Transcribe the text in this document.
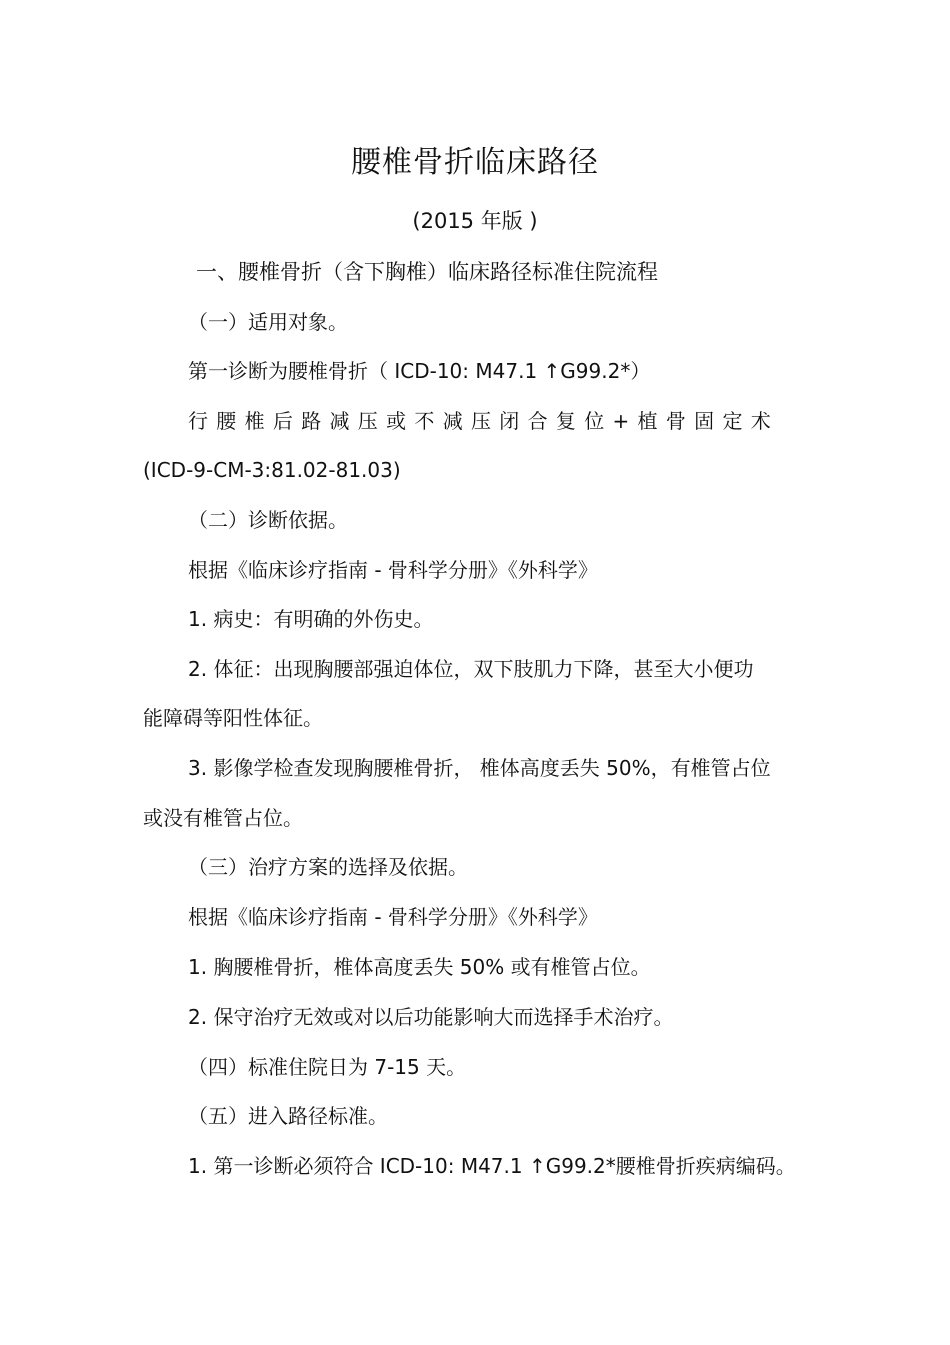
腰椎骨折临床路径
(2015 年版 )
一、腰椎骨折（含下胸椎）临床路径标准住院流程
（一）适用对象。
第一诊断为腰椎骨折（ ICD-10: M47.1 ↑G99.2*）
行腰椎后路减压或不减压闭合复位+植骨固定术
(ICD-9-CM-3:81.02-81.03)
（二）诊断依据。
根据《临床诊疗指南 - 骨科学分册》《外科学》
1. 病史：有明确的外伤史。
2. 体征：出现胸腰部强迫体位，双下肢肌力下降，甚至大小便功
能障碍等阳性体征。
3. 影像学检查发现胸腰椎骨折， 椎体高度丢失 50%，有椎管占位
或没有椎管占位。
（三）治疗方案的选择及依据。
根据《临床诊疗指南 - 骨科学分册》《外科学》
1. 胸腰椎骨折，椎体高度丢失 50% 或有椎管占位。
2. 保守治疗无效或对以后功能影响大而选择手术治疗。
（四）标准住院日为 7-15 天。
（五）进入路径标准。
1. 第一诊断必须符合 ICD-10: M47.1 ↑G99.2*腰椎骨折疾病编码。
